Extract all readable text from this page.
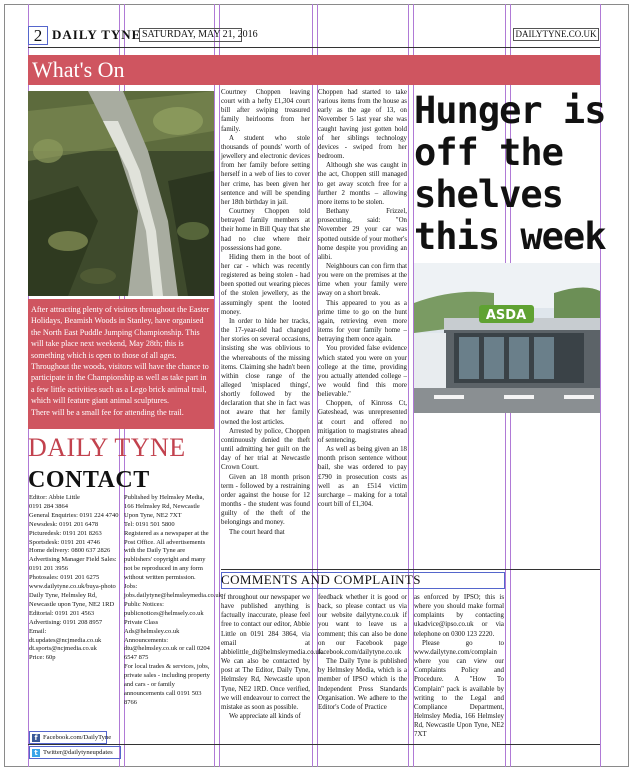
2 DAILY TYNE SATURDAY, MAY 21, 2016	DAILYTYNE.CO.UK
What's On

After attracting plenty of visitors throughout the Easter Holidays, Beamish Woods in Stanley, have organised the North East Puddle Jumping Championship. This will take place next weekend, May 28th; this is something which is open to those of all ages. Throughout the woods, visitors will have the chance to participate in the Championship as well as take part in a few little activities such as a Lego brick animal trail, which will feature giant animal sculptures.

There will be a small fee for attending the trail.

DAILY TYNE
CONTACT
Editor: Abbie Little
0191 284 3864
General Enquiries: 0191 224 4740
Newsdesk: 0191 201 6478
Picturedesk: 0191 201 8263
Sportsdesk: 0191 201 4746
Home delivery: 0800 637 2826
Advertising Manager Field Sales: 0191 201 3956
Photosales: 0191 201 6275
www.dailytyne.co.uk/buya-photo
Daily Tyne, Helmsley Rd, Newcastle upon Tyne, NE2 1RD
Editorial: 0191 201 4563
Advertising: 0191 208 8957
Email: dt.updates@ncjmedia.co.uk dt.sports@ncjmedia.co.uk
Price: 60p
Published by Helmsley Media, 166 Helmsley Rd, Newcastle Upon Tyne, NE2 7XT
Tel: 0191 501 5800
Registered as a newspaper at the Post Office. All advertisements with the Daily Tyne are publishers' copyright and many not be reproduced in any form without written permission.
Jobs: jobs.dailytyne@helmsleymedia.co.uk
Public Notices: publicnotices@helmsely.co.uk
Private Class Ads@helmsley.co.uk
Announcements: dtu@helmsley.co.uk or call 0204 6547 875
For local trades & services, jobs, private sales - including property and cars - or family announcements call 0191 503 8766
f Facebook.com/DailyTyne
t Twitter@dailytyneupdates

Courtney Choppen leaving court with a hefty £1,304 court bill after swiping treasured family heirlooms from her family.

A student who stole thousands of pounds' worth of jewellery and electronic devices from her family before setting herself in a web of lies to cover her crime, has been given her sentence and will be spending her 18th birthday in jail.

Courtney Choppen told betrayed family members at their home in Bill Quay that she had no clue where their possessions had gone.

Hiding them in the boot of her car - which was recently registered as being stolen - had been spotted out wearing pieces of the stolen jewellery, as the assumingly spent the looted money.

In order to hide her tracks, the 17-year-old had changed her stories on several occasions, insisting she was oblivious to the whereabouts of the missing items. Claiming she hadn't been within close range of the alleged 'misplaced things', shortly followed by the declaration that she in fact was not aware that her family owned the lost articles.

Arrested by police, Choppen continuously denied the theft until admitting her guilt on the day of her trial at Newcastle Crown Court.

Given an 18 month prison term - followed by a restraining order against the house for 12 months - the student was found guilty of the theft of the belongings and money.

The court heard that

Choppen had started to take various items from the house as early as the age of 13, on November 5 last year she was caught having just gotten hold of her siblings technology devices - swiped from her bedroom.

Although she was caught in the act, Choppen still managed to get away scotch free for a further 2 months – allowing more items to be stolen.

Bethany Frizzel, prosecuting, said: "On November 29 your car was spotted outside of your mother's home despite you providing an alibi.

Neighbours can con firm that you were on the premises at the time when your family were away on a short break.

This appeared to you as a prime time to go on the hunt again, retrieving even more items for your family home – betraying them once again.

You provided false evidence which stated you were on your college at the time, providing you actually attended college – we would find this more believable."

Choppen, of Kinross Ct, Gateshead, was unrepresented at court and offered no mitigation to magistrates ahead of sentencing.

As well as being given an 18 month prison sentence without bail, she was ordered to pay £790 in prosecution costs as well as an £514 victim surcharge – making for a total court bill of £1,304.

Hunger is
off the
shelves
this week
ASDA
COMMENTS AND COMPLAINTS

If throughout our newspaper we have published anything is factually inaccurate, please feel free to contact our editor, Abbie Little on 0191 284 3864, via email at abbielittle_dt@helmsleymedia.co.uk. We can also be contacted by post at The Editor, Daily Tyne, Helmsley Rd, Newcastle upon Tyne, NE2 1RD. Once verified, we will endeavour to correct the mistake as soon as possible.

We appreciate all kinds of

feedback whether it is good or back, so please contact us via our website dailytyne.co.uk if you want to leave us a comment; this can also be done on our Facebook page facebook.com/dailytyne.co.uk

The Daily Tyne is published by Helmsley Media, which is a member of IPSO which is the Independent Press Standards Organisation. We adhere to the Editor's Code of Practice

as enforced by IPSO; this is where you should make formal complaints by contacting ukadvice@ipso.co.uk or via telephone on 0300 123 2220.

Please go to www.dailytyne.com/complain where you can view our Complaints Policy and Procedure. A "How To Complain" pack is available by writing to the Legal and Compliance Department, Helmsley Media, 166 Helmsley Rd, Newcastle Upon Tyne, NE2 7XT
